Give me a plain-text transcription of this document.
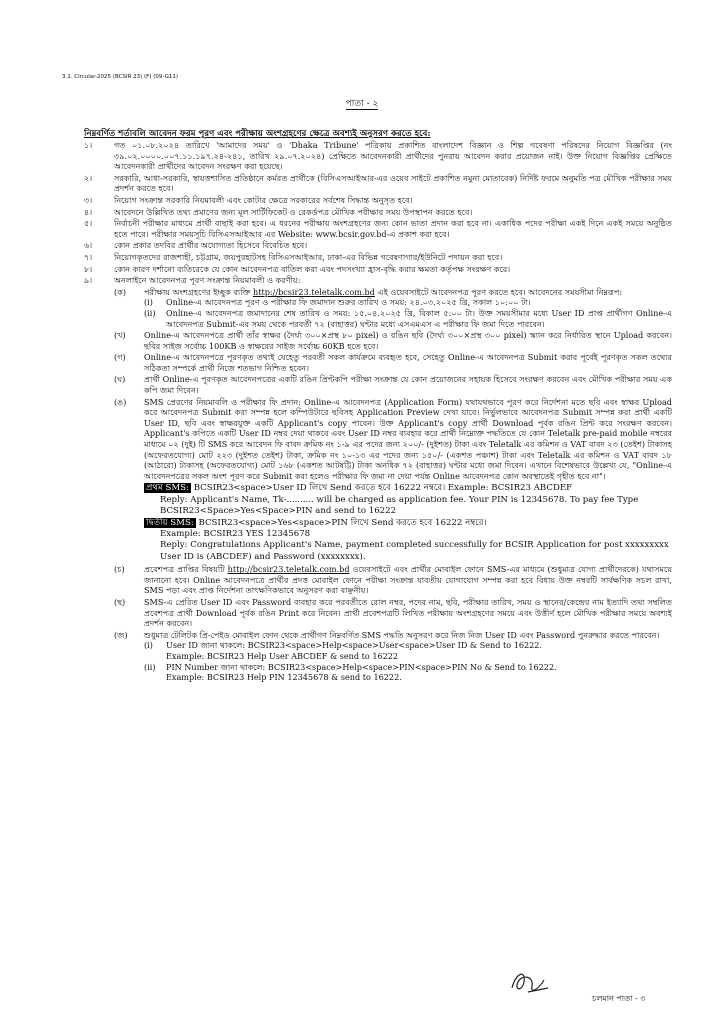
3.1. Circular-2025 (BCSIR 23) (F) (09-G11)
পাতা - ২
নিম্নবর্ণিত শর্তাবলি আবেদন ফরম পূরণ এবং পরীক্ষায় অংশগ্রহণের ক্ষেত্রে অবশ্যই অনুসরণ করতে হবে:
১।	গত ০১.০৮.২০২৪ তারিখে 'আমাদের সময়' ও 'Dhaka Tribune' পত্রিকায় প্রকাশিত বাংলাদেশ বিজ্ঞান ও শিল্প গবেষণা পরিষদের নিয়োগ বিজ্ঞপ্তির (নং ৩৯.০২.০০০০.০০৭.১১.১৯৭.২৪-২৪১, তারিখ ২৯.০৭.২০২৪) প্রেক্ষিতে আবেদনকারী প্রার্থীদের পুনরায় আবেদন করার প্রয়োজন নাই। উক্ত নিয়োগ বিজ্ঞপ্তির প্রেক্ষিতে আবেদনকারী প্রার্থীদের আবেদন সংরক্ষণ করা হয়েছে।
২।	সরকারি, আধা-সরকারি, স্বায়ত্তশাসিত প্রতিষ্ঠানে কর্মরত প্রার্থীকে (বিসিএসআইআর-এর ওয়েব সাইটে প্রকাশিত নমুনা মোতাবেক) নির্দিষ্ট ফরমে অনুমতি পত্র মৌখিক পরীক্ষার সময় প্রদর্শন করতে হবে।
৩।	নিয়োগ সংক্রান্ত সরকারি নিয়মাবলী এবং কোটার ক্ষেত্রে সরকারের সর্বশেষ সিদ্ধান্ত অনুসৃত হবে।
৪।	আবেদনে উল্লিখিত তথ্য প্রমাণের জন্য মূল সার্টিফিকেট ও রেকর্ডপত্র মৌখিক পরীক্ষার সময় উপস্থাপন করতে হবে।
৫।	নির্বাচনী পরীক্ষার মাধ্যমে প্রার্থী বাছাই করা হবে। এ ধরনের পরীক্ষায় অংশগ্রহণের জন্য কোন ভাতা প্রদান করা হবে না। একাধিক পদের পরীক্ষা একই দিনে একই সময়ে অনুষ্ঠিত হতে পারে। পরীক্ষার সময়সূচি বিসিএসআইআর এর Website: www.bcsir.gov.bd-এ প্রকাশ করা হবে।
৬।	কোন প্রকার তদবির প্রার্থীর অযোগ্যতা হিসেবে বিবেচিত হবে।
৭।	নিয়োগকৃতদের রাজশাহী, চট্টগ্রাম, জয়পুরহাটসহ বিসিএসআইআর, ঢাকা-এর বিভিন্ন গবেষণাগার/ইউনিটে পদায়ন করা হবে।
৮।	কোন কারণ দর্শানো ব্যতিরেকে যে কোন আবেদনপত্র বাতিল করা এবং পদসংখ্যা হ্রাস-বৃদ্ধি করার ক্ষমতা কর্তৃপক্ষ সংরক্ষণ করে।
৯।	অনলাইনে আবেদনপত্র পূরণ সংক্রান্ত নিয়মাবলী ও করণীয়:
(ক)	পরীক্ষায় অংশগ্রহণের ইচ্ছুক ব্যক্তি http://bcsir23.teletalk.com.bd এই ওয়েবসাইটে আবেদনপত্র পূরণ করতে হবে। আবেদনের সময়সীমা নিম্নরূপ:
(i)	Online-এ আবেদনপত্র পূরণ ও পরীক্ষার ফি জমাদান শুরুর তারিখ ও সময়: ২৪.০৩.২০২৫ খ্রি, সকাল ১০:০০ টা।
(ii)	Online-এ আবেদনপত্র জমাদানের শেষ তারিখ ও সময়: ১৫.০৪.২০২৫ খ্রি, বিকাল ৫:০০ টা। উক্ত সময়সীমার মধ্যে User ID প্রাপ্ত প্রার্থীগণ Online-এ আবেদনপত্র Submit-এর সময় থেকে পরবর্তী ৭২ (বাহাত্তর) ঘন্টার মধ্যে এসএমএস এ পরীক্ষার ফি জমা দিতে পারবেন।
(খ)	Online-এ আবেদনপত্রে প্রার্থী তাঁর স্বাক্ষর (দৈর্ঘ্য ৩০০×প্রস্থ ৮০ pixel) ও রঙিন ছবি (দৈর্ঘ্য ৩০০×প্রস্থ ৩০০ pixel) স্ক্যান করে নির্ধারিত স্থানে Upload করবেন। ছবির সাইজ সর্বোচ্চ 100KB ও স্বাক্ষরের সাইজ সর্বোচ্চ 60KB হতে হবে।
(গ)	Online-এ আবেদনপত্রে পূরণকৃত তথ্যই যেহেতু পরবর্তী সকল কার্যক্রমে ব্যবহৃত হবে, সেহেতু Online-এ আবেদনপত্র Submit করার পূর্বেই পূরণকৃত সকল তথ্যের সঠিকতা সম্পর্কে প্রার্থী নিজে শতভাগ নিশ্চিত হবেন।
(ঘ)	প্রার্থী Online-এ পূরণকৃত আবেদনপত্রের একটি রঙিন প্রিন্টকপি পরীক্ষা সংক্রান্ত যে কোন প্রয়োজনের সহায়ক হিসেবে সংরক্ষণ করবেন এবং মৌখিক পরীক্ষার সময় এক কপি জমা দিবেন।
(ঙ)	SMS প্রেরণের নিয়মাবলি ও পরীক্ষার ফি প্রদান: Online-এ আবেদনপত্র (Application Form) যথাযথভাবে পূরণ করে নির্দেশনা মতে ছবি এবং স্বাক্ষর Upload করে আবেদনপত্র Submit করা সম্পন্ন হলে কম্পিউটারে ছবিসহ Application Preview দেখা যাবে। নির্ভুলভাবে আবেদনপত্র Submit সম্পন্ন করা প্রার্থী একটি User ID, ছবি এবং স্বাক্ষরযুক্ত একটি Applicant's copy পাবেন। উক্ত Applicant's copy প্রার্থী Download পূর্বক রঙিন প্রিন্ট করে সংরক্ষণ করবেন। Applicant's কপিতে একটি User ID নম্বর দেয়া থাকবে এবং User ID নম্বর ব্যবহার করে প্রার্থী নিম্নোক্ত পদ্ধতিতে যে কোন Teletalk pre-paid mobile নম্বরের মাধ্যমে ০২ (দুই) টি SMS করে আবেদন ফি বাবদ ক্রমিক নং ১-৯ এর পদের জন্য ২০০/- (দুইশত) টাকা এবং Teletalk এর কমিশন ও VAT বাবদ ২৩ (তেইশ) টাকাসহ (অফেরতযোগ্য) মোট ২২৩ (দুইশত তেইশ) টাকা, ক্রমিক নং ১০-১৩ এর পদের জন্য ১৫০/- (একশত পঞ্চাশ) টাকা এবং Teletalk এর কমিশন ও VAT বাবদ ১৮ (আঠারো) টাকাসহ (অফেরতযোগ্য) মোট ১৬৮ (একশত আটষট্টি) টাকা অনধিক ৭২ (বাহাত্তর) ঘন্টার মধ্যে জমা দিবেন। এখানে বিশেষভাবে উল্লেখ্য যে, "Online-এ আবেদনপত্রের সকল অংশ পূরণ করে Submit করা হলেও পরীক্ষার ফি জমা না দেয়া পর্যন্ত Online আবেদনপত্র কোন অবস্থাতেই গৃহীত হবে না"।
প্রথম SMS: BCSIR23<space>User ID লিখে Send করতে হবে 16222 নম্বরে। Example: BCSIR23 ABCDEF
Reply: Applicant's Name, Tk-.......... will be charged as application fee. Your PIN is 12345678. To pay fee Type BCSIR23<Space>Yes<Space>PIN and send to 16222
দ্বিতীয় SMS: BCSIR23<space>Yes<space>PIN লিখে Send করতে হবে 16222 নম্বরে।
Example: BCSIR23 YES 12345678
Reply: Congratulations Applicant's Name, payment completed successfully for BCSIR Application for post xxxxxxxxx User ID is (ABCDEF) and Password (xxxxxxxx).
(চ)	প্রবেশপত্র প্রাপ্তির বিষয়টি http://bcsir23.teletalk.com.bd ওয়েবসাইটে এবং প্রার্থীর মোবাইল ফোনে SMS-এর মাধ্যমে (শুধুমাত্র যোগ্য প্রার্থীদেরকে) যথাসময়ে জানানো হবে। Online আবেদনপত্রে প্রার্থীর প্রদত্ত মোবাইল ফোনে পরীক্ষা সংক্রান্ত যাবতীয় যোগাযোগ সম্পন্ন করা হবে বিধায় উক্ত নম্বরটি সার্বক্ষণিক সচল রাখা, SMS পড়া এবং প্রাপ্ত নির্দেশনা তাৎক্ষণিকভাবে অনুসরণ করা বাঞ্ছনীয়।
(ছ)	SMS-এ প্রেরিত User ID এবং Password ব্যবহার করে পরবর্তীতে রোল নম্বর, পদের নাম, ছবি, পরীক্ষার তারিখ, সময় ও স্থানের/কেন্দ্রের নাম ইত্যাদি তথ্য সম্বলিত প্রবেশপত্র প্রার্থী Download পূর্বক রঙিন Print করে নিবেন। প্রার্থী প্রবেশপত্রটি লিখিত পরীক্ষায় অংশগ্রহণের সময়ে এবং উত্তীর্ণ হলে মৌখিক পরীক্ষার সময়ে অবশ্যই প্রদর্শন করবেন।
(জ)	শুধুমাত্র টেলিটক প্রি-পেইড মোবাইল ফোন থেকে প্রার্থীগণ নিম্নবর্ণিত SMS পদ্ধতি অনুসরণ করে নিজ নিজ User ID এবং Password পুনরুদ্ধার করতে পারবেন।
(i)	User ID জানা থাকলে: BCSIR23<space>Help<space>User<space>User ID & Send to 16222.
Example: BCSIR23 Help User ABCDEF & send to 16222
(ii)	PIN Number জানা থাকলে: BCSIR23<space>Help<space>PIN<space>PIN No & Send to 16222.
Example: BCSIR23 Help PIN 12345678 & send to 16222.
চলমান পাতা - ৩
